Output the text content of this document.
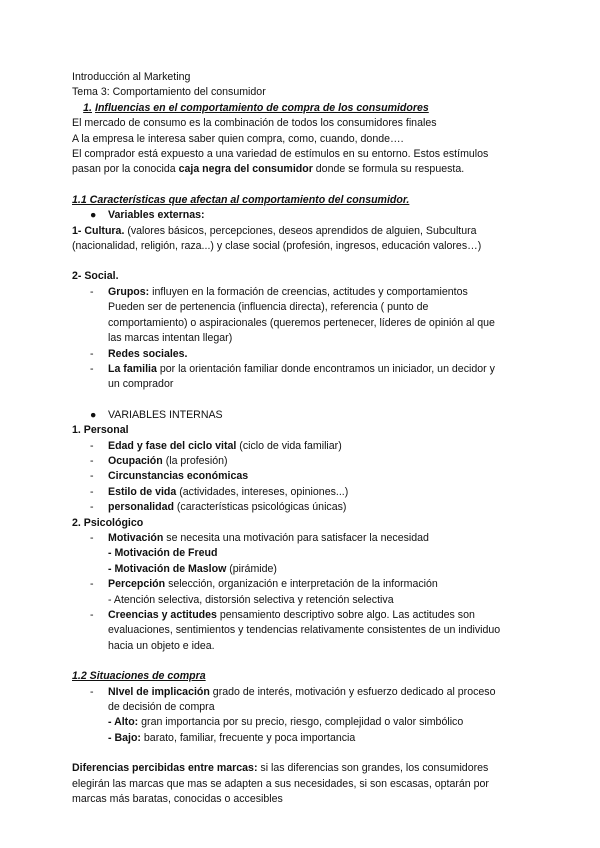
Introducción al Marketing
Tema 3: Comportamiento del consumidor
1. Influencias en el comportamiento de compra de los consumidores
El mercado de consumo es la combinación de todos los consumidores finales
A la empresa le interesa saber quien compra, como, cuando, donde….
El comprador está expuesto a una variedad de estímulos en su entorno. Estos estímulos
pasan por la conocida caja negra del consumidor donde se formula su respuesta.
1.1 Características que afectan al comportamiento del consumidor.
● Variables externas:
1- Cultura. (valores básicos, percepciones, deseos aprendidos de alguien, Subcultura
(nacionalidad, religión, raza...) y clase social (profesión, ingresos, educación valores…)
2- Social.
- Grupos: influyen en la formación de creencias, actitudes y comportamientos
Pueden ser de pertenencia (influencia directa), referencia ( punto de
comportamiento) o aspiracionales (queremos pertenecer, líderes de opinión al que
las marcas intentan llegar)
- Redes sociales.
- La familia por la orientación familiar donde encontramos un iniciador, un decidor y
un comprador
● VARIABLES INTERNAS
1. Personal
- Edad y fase del ciclo vital (ciclo de vida familiar)
- Ocupación (la profesión)
- Circunstancias económicas
- Estilo de vida (actividades, intereses, opiniones...)
- personalidad (características psicológicas únicas)
2. Psicológico
- Motivación se necesita una motivación para satisfacer la necesidad
- Motivación de Freud
- Motivación de Maslow (pirámide)
- Percepción selección, organización e interpretación de la información
- Atención selectiva, distorsión selectiva y retención selectiva
- Creencias y actitudes pensamiento descriptivo sobre algo. Las actitudes son
evaluaciones, sentimientos y tendencias relativamente consistentes de un individuo
hacia un objeto e idea.
1.2 Situaciones de compra
- NIvel de implicación grado de interés, motivación y esfuerzo dedicado al proceso
de decisión de compra
- Alto: gran importancia por su precio, riesgo, complejidad o valor simbólico
- Bajo: barato, familiar, frecuente y poca importancia
Diferencias percibidas entre marcas: si las diferencias son grandes, los consumidores
elegirán las marcas que mas se adapten a sus necesidades, si son escasas, optarán por
marcas más baratas, conocidas o accesibles
